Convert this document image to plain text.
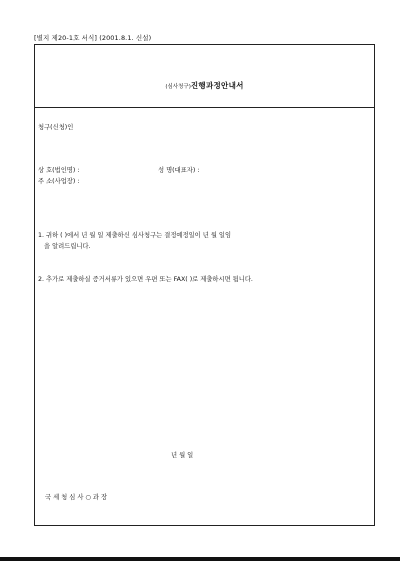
[별지 제20-1호 서식] (2001.8.1. 신설)
(심사청구)진행과정안내서
청구(신청)인
상 호(법인명) :	성 명(대표자) :
주 소(사업장) :
1. 귀하 ( )에서 년 월 일 제출하신 심사청구는 결정예정일이 년 월 일임
을 알려드립니다.
2. 추가로 제출하실 증거서류가 있으면 우편 또는 FAX( )로 제출하시면 됩니다.
년 월 일
국 세 청 심 사 ○ 과 장
